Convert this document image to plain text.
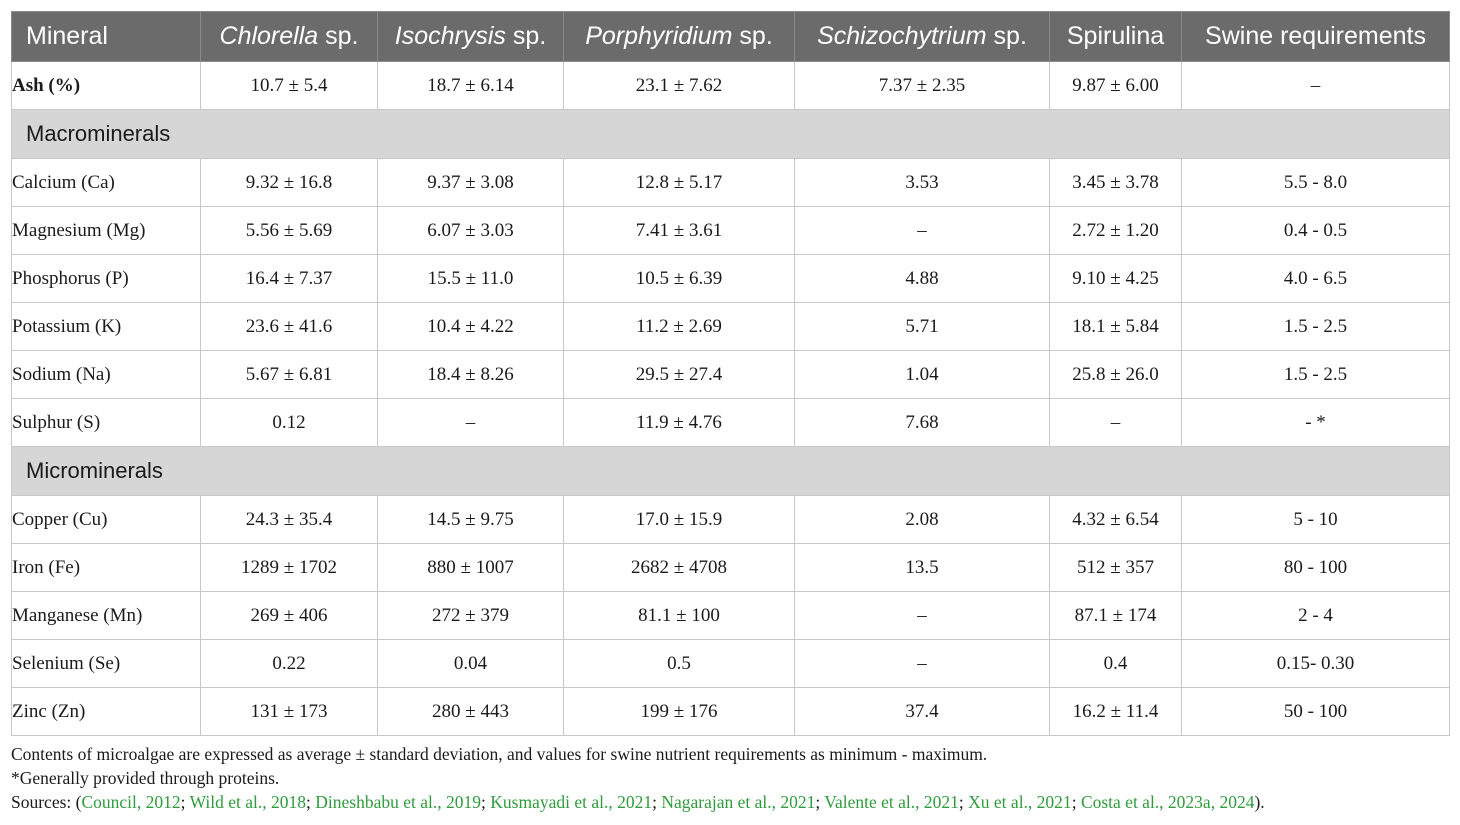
Mineral	Chlorella sp.	Isochrysis sp.	Porphyridium sp.	Schizochytrium sp.	Spirulina	Swine requirements
Ash (%)	10.7 ± 5.4	18.7 ± 6.14	23.1 ± 7.62	7.37 ± 2.35	9.87 ± 6.00	–
Macrominerals						
Calcium (Ca)	9.32 ± 16.8	9.37 ± 3.08	12.8 ± 5.17	3.53	3.45 ± 3.78	5.5 - 8.0
Magnesium (Mg)	5.56 ± 5.69	6.07 ± 3.03	7.41 ± 3.61	–	2.72 ± 1.20	0.4 - 0.5
Phosphorus (P)	16.4 ± 7.37	15.5 ± 11.0	10.5 ± 6.39	4.88	9.10 ± 4.25	4.0 - 6.5
Potassium (K)	23.6 ± 41.6	10.4 ± 4.22	11.2 ± 2.69	5.71	18.1 ± 5.84	1.5 - 2.5
Sodium (Na)	5.67 ± 6.81	18.4 ± 8.26	29.5 ± 27.4	1.04	25.8 ± 26.0	1.5 - 2.5
Sulphur (S)	0.12	–	11.9 ± 4.76	7.68	–	- *
Microminerals						
Copper (Cu)	24.3 ± 35.4	14.5 ± 9.75	17.0 ± 15.9	2.08	4.32 ± 6.54	5 - 10
Iron (Fe)	1289 ± 1702	880 ± 1007	2682 ± 4708	13.5	512 ± 357	80 - 100
Manganese (Mn)	269 ± 406	272 ± 379	81.1 ± 100	–	87.1 ± 174	2 - 4
Selenium (Se)	0.22	0.04	0.5	–	0.4	0.15- 0.30
Zinc (Zn)	131 ± 173	280 ± 443	199 ± 176	37.4	16.2 ± 11.4	50 - 100
Contents of microalgae are expressed as average ± standard deviation, and values for swine nutrient requirements as minimum - maximum.
*Generally provided through proteins.
Sources: (Council, 2012; Wild et al., 2018; Dineshbabu et al., 2019; Kusmayadi et al., 2021; Nagarajan et al., 2021; Valente et al., 2021; Xu et al., 2021; Costa et al., 2023a, 2024).
